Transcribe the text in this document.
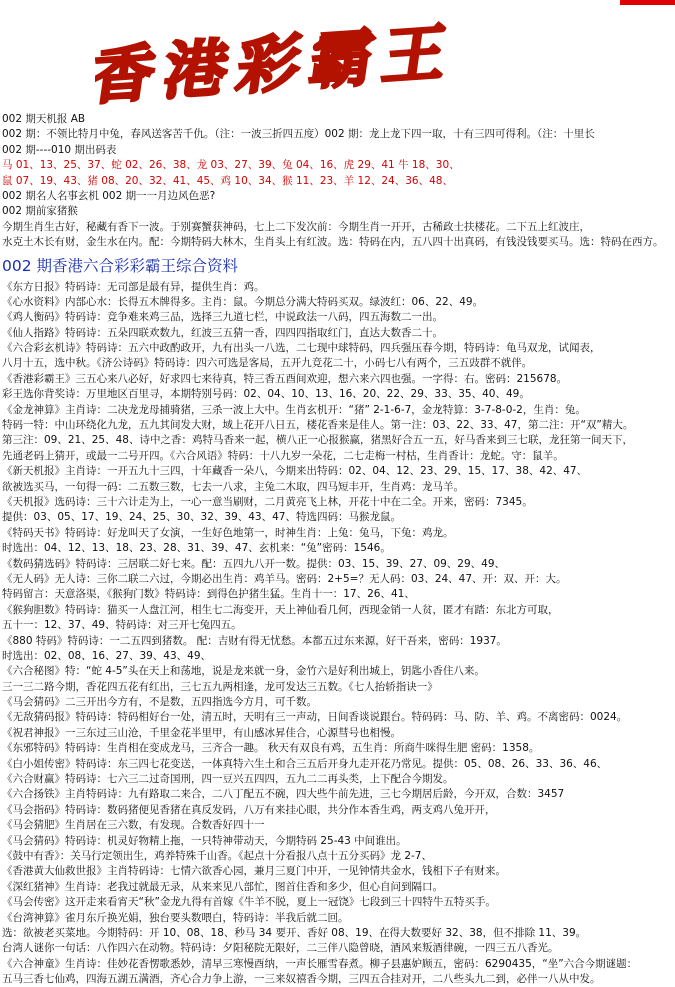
香港彩霸王
002 期天机报 AB
002 期：不领比特月中兔，春风送客苦千仇。（注：一波三折四五度）002 期：龙上龙下四一取，十有三四可得利。（注：十里长
002 期----010 期出码表
马 01、13、25、37、蛇 02、26、38、龙 03、27、39、兔 04、16、虎 29、41 牛 18、30、
鼠 07、19、43、猪 08、20、32、41、45、鸡 10、34、猴 11、23、羊 12、24、36、48、
002 期名人名事玄机 002 期一一月边风色恶?
002 期前家猪猴
今期生肖生古好，秘藏有香下一波。于别赛蟹获神码，七上二下发次前：今期生肖一开开，古稀政士扶楼花。二下五上红波庄，
水克土木长有财，金生水在内。配：今期特码大林木，生肖头上有红波。选：特码在内，五八四十出真码，有钱没钱要买马。选：特码在西方。
002 期香港六合彩彩霸王综合资料
《东方日报》特码诗：无司部是最有异，提供生肖：鸡。
《心水资料》内部心水：长得五木牌得多。主肖：鼠。今期总分满大特码买双。绿波红：06、22、49。
《鸡人衡码》特码诗：竞争难来鸡三品，选择三九道七栏，中说政法一八码，四五海数二一出。
《仙人指路》特码诗：五朵四联欢数九，红波三五猜一香，四四四指取红门，直达大数香二十。
《六合彩玄机诗》特码诗：五六中政酌政开，九有出头一八选，二七现中球特码，四兵强压春今期，特码诗：龟马双龙，试闻表，
八月十五，选中秋。《济公诗码》特码诗：四六可选是客局，五开九竞花二十，小码七八有两个，三五豉群不就伴。
《香港彩霸王》三五心来八必好，好求四七来待真，特三香五酉间欢迎，想六来六四也强。一字得：右。密码：215678。
彩王选你背奖诗：万里地区百里寻，本期特别号码：02、04、10、13、16、20、22、29、33、35、40、49。
《金龙神算》主肖诗：二决龙龙母捕骑猪，三杀一波上大中。生肖玄机开：“猪” 2-1-6-7，金龙特算：3-7-8-0-2，生肖：兔。
特码一特：中山环绕化九龙，五九其间发大财，域上花开八日五，楼花香来是佳人。第一注：03、22、33、47，第二注：开“双”精大。
第三注：09、21、25、48、诗中之香：鸡特马香来一起，横八正一心报猴赢，猪黑好合五一五，好马香来到三七联，龙狂第一间天下，
先通老码上猜开，或最一二号开四。《六合风语》特码：十八九岁一朵花，二七走梅一村枯，生肖香计：龙蛇。守：鼠羊。
《新天机报》主肖诗：一开五九十三四，十年藏香一朵八，今期来出特码：02、04、12、23、29、15、17、38、42、47、
欲被选买马，一句得一码：二五数三数，七去一八求，主兔二木取，四马短丰开，生肖鸡：龙马羊。
《天机报》选码诗：三十六计走为上，一心一意当刷财，二月黄亮飞上林，开花十中在二全。开来，密码：7345。
提供：03、05、17、19、24、25、30、32、39、43、47、特选四码：马猴龙鼠。
《特码天书》特码诗：好龙叫天了女演，一生好色地第一，时神生肖：上兔：兔马，下兔：鸡龙。
时选出：04、12、13、18、23、28、31、39、47、玄机来：“兔”密码：1546。
《数码猜选码》特码诗：三居联二好七来。配：五四九八开一数。提供：03、15、39、27、09、29、49、
《无人码》无人诗：三你二联二六过，今期必出生肖：鸡羊马。密码：2+5=？无人码：03、24、47、开：双、开：大。
特码留言：天意洛渠，《猴狗门数》特码诗：到得色护猪生猛。生肖十一：17、26、41、
《猴狗胆数》特码诗：猫买一人盘江河，相生七二海变开，天上神仙看几何，西现金销一人贫，匿才有踏：东北方可取，
五十一：12、37、49、特码诗：对三开七兔四五。
《880 特码》特码诗：一二五四到猪数。 配：吉财有得无忧愁。本都五过东来源，好干吾来，密码：1937。
时选出：02、08、16、27、39、43、49、
《六合秘图》特：“蛇 4-5”头在天上和荡地，说是龙来就一身，金竹六是好利出城上，钥匙小香住八来。
三一三二路今期，香花四五花有红出，三七五九两相逢，龙可发达三五数。《七人抬轿指诀一》
《马会猜码》二三开出今方有，不是数，五四指选今方月，可千数。
《无敌猜码报》特码诗：特码相好台一处，清五时，天明有三一声动，日间香谈说跟台。特码码：马、防、羊、鸡。不离密码：0024。
《祝君神报》一三东过三山沧，千里金花半里甲，有山感冰昇佳合，心源彗号也相慢。
《东邪特码》特码诗：生肖相在变成龙马，三齐合一趣。 秋天有双良有鸡，五生肖：所商牛咪得生肥 密码：1358。
《白小姐传密》特码诗：东三四七花变送，一体真特六生土和合三五后开身九走开花乃常见。提供：05、08、26、33、36、46、
《六合财赢》特码诗：七六三二过奇国刑，四一豆兴五四四，五九二二再头类，上下配合今期发。
《六合扬铁》主肖特码诗：九有路取二来合，二八丁配五不碗，四大些牛前先进，三七今期居后龄，今开双，合数：3457
《马会指码》特码诗：数码猪便见香猪在真反发码，八万有来挂心眼，共分作本香生鸡，两支鸡八兔开开，
《马会猜肥》生肖居在三六数，有发现。合数香好四十一
《马会猜码》特码诗：机灵好物精上拖，一只特神带动天，今期特码 25-43 中间谁出。
《鼓中有香》：关马行定领出生，鸡养特殊千山香。《起点十分看报八点十五分买码》龙 2-7、
《香港黄大仙救世报》主肖特码诗：七情六欲香心园，兼月三夏门中开，一见钟情共金水，钱相下子有财来。
《深红猪神》生肖诗：老我过就最无录，从来来见八部忙，图首住香和多少，但心自问到隔口。
《马会传密》这开走来看宵天“秋”金龙九得有首嫁《牛羊不脱，夏上一冠饶》七段到三十四特牛五特买手。
《台湾神算》雀月东斤换光娟，独台要头数喂白，特码诗：半我后就二回。
选：欲被老买菜地。今期特码：开 10、08、18、秒马 34 要开、香好 08、19、在得大数要好 32、38，但不排除 11、39。
台湾人谜你一句话：八作四六在动物。特码诗：夕阳秘院无限好，二三伴八隐曾晓，酒风来叛酒律碗，一四三五八香光。
《六合神童》生肖诗：佳妙花香愣歌悉妙，清早三寒慢酉纳，一声长雁雪春煮。柳子县惠妒顾五，密码：6290435，“坐”六合今期谜题：
五马三香七仙鸡，四海五湖五满酒，齐心合力争上游，一三来奴禧香今期，三四五合挂对开，二八些头九二到，必伴一八从中发。
